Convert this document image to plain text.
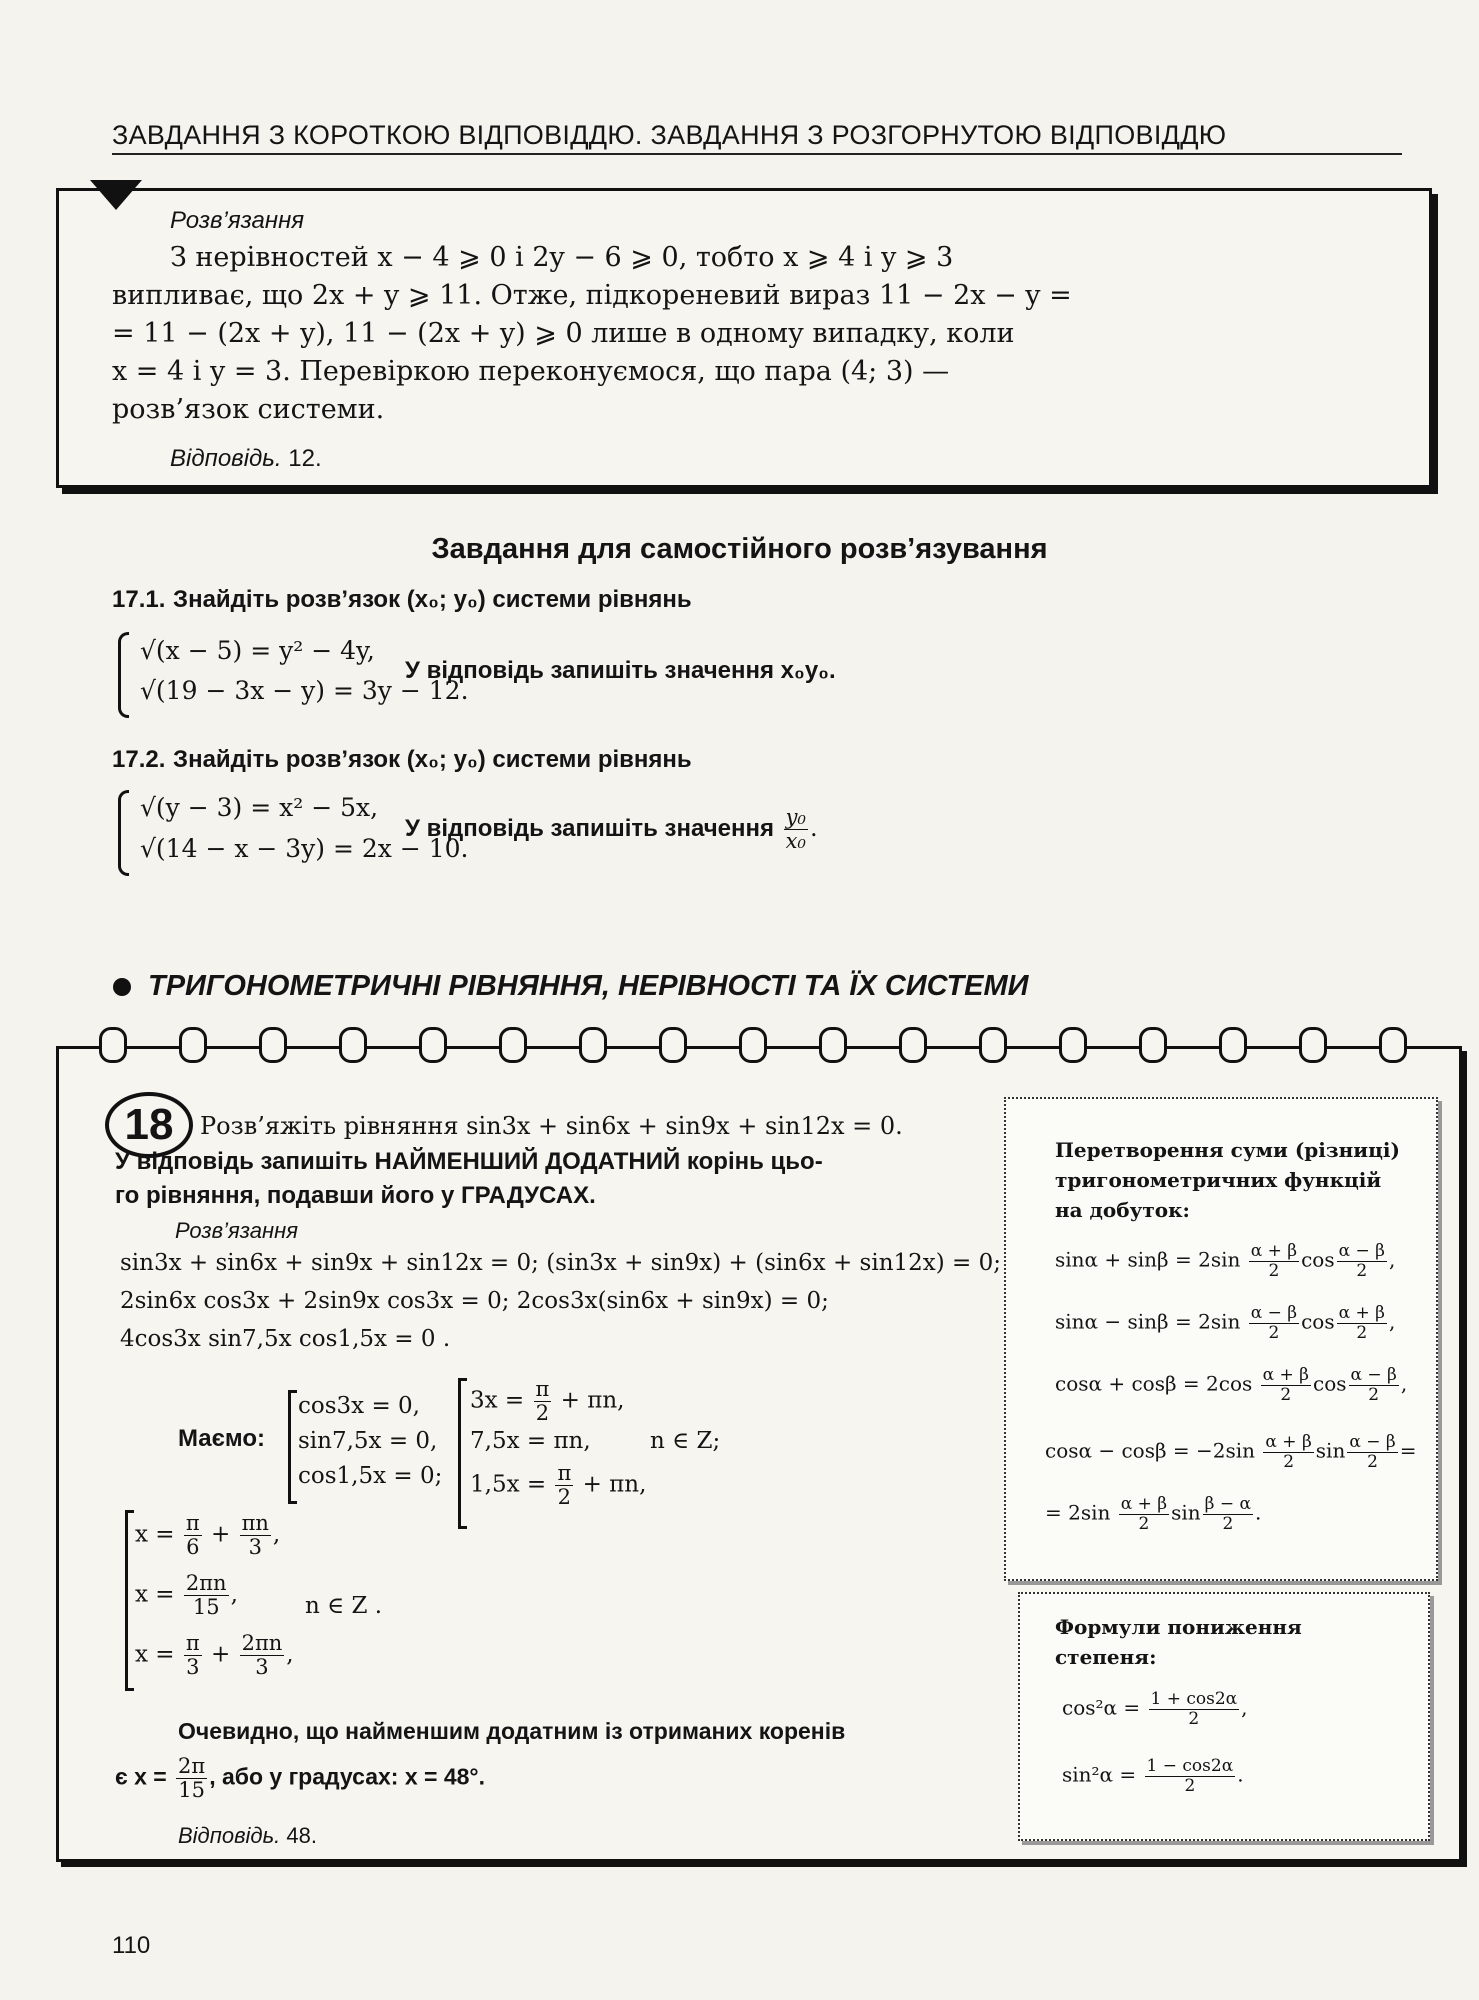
ЗАВДАННЯ З КОРОТКОЮ ВІДПОВІДДЮ. ЗАВДАННЯ З РОЗГОРНУТОЮ ВІДПОВІДДЮ
Розв’язання
З нерівностей x − 4 ⩾ 0 і 2y − 6 ⩾ 0, тобто x ⩾ 4 і y ⩾ 3
випливає, що 2x + y ⩾ 11. Отже, підкореневий вираз 11 − 2x − y =
= 11 − (2x + y), 11 − (2x + y) ⩾ 0 лише в одному випадку, коли
x = 4 і y = 3. Перевіркою переконуємося, що пара (4; 3) —
розв’язок системи.
Відповідь. 12.
Завдання для самостійного розв’язування
17.1. Знайдіть розв’язок (x₀; y₀) системи рівнянь
√(x − 5) = y² − 4y,
√(19 − 3x − y) = 3y − 12.
У відповідь запишіть значення x₀y₀.
17.2. Знайдіть розв’язок (x₀; y₀) системи рівнянь
√(y − 3) = x² − 5x,
√(14 − x − 3y) = 2x − 10.
У відповідь запишіть значення $\frac{\text{y₀}}{\text{x₀}}$ .
ТРИГОНОМЕТРИЧНІ РІВНЯННЯ, НЕРІВНОСТІ ТА ЇХ СИСТЕМИ
18	Розв’яжіть рівняння sin3x + sin6x + sin9x + sin12x = 0.
У відповідь запишіть НАЙМЕНШИЙ ДОДАТНИЙ корінь цьо-
го рівняння, подавши його у ГРАДУСАХ.
Розв’язання
sin3x + sin6x + sin9x + sin12x = 0; (sin3x + sin9x) + (sin6x + sin12x) = 0;
2sin6x cos3x + 2sin9x cos3x = 0; 2cos3x(sin6x + sin9x) = 0;
4cos3x sin7,5x cos1,5x = 0 .
Маємо:
cos3x = 0,
sin7,5x = 0,
cos1,5x = 0;
$3x = \frac{\pi}{2} + \pi n$,
7,5x = πn,	n ∈ Z;
$1,5x = \frac{\pi}{2} + \pi n$,
$x = \frac{\pi}{6} + \frac{\pi n}{3}$ ,
$x = \frac{2\pi n}{15}$ ,	n ∈ Z .
$x = \frac{\pi}{3} + \frac{2\pi n}{3}$ ,
Очевидно, що найменшим додатним із отриманих коренів
є $x = \frac{2\pi}{15}$ , або у градусах: x = 48°.
Відповідь. 48.
Перетворення суми (різниці) тригонометричних функцій на добуток:
$\sin\alpha + \sin\beta = 2\sin \frac{\alpha + \beta}{2}$ $\cos \frac{\alpha - \beta}{2}$ ,
$\sin\alpha - \sin\beta = 2\sin \frac{\alpha - \beta}{2}$ $\cos \frac{\alpha + \beta}{2}$ ,
$\cos\alpha + \cos\beta = 2\cos \frac{\alpha + \beta}{2}$ $\cos \frac{\alpha - \beta}{2}$ ,
$\cos\alpha - \cos\beta = -2\sin \frac{\alpha + \beta}{2}$ $\sin \frac{\alpha - \beta}{2}$ =
= $2\sin \frac{\alpha + \beta}{2}$ $\sin \frac{\beta - \alpha}{2}$ .
Формули пониження степеня:
$\cos^2\alpha = \frac{1 + \cos 2\alpha}{2}$ ,
$\sin^2\alpha = \frac{1 - \cos 2\alpha}{2}$ .
110
